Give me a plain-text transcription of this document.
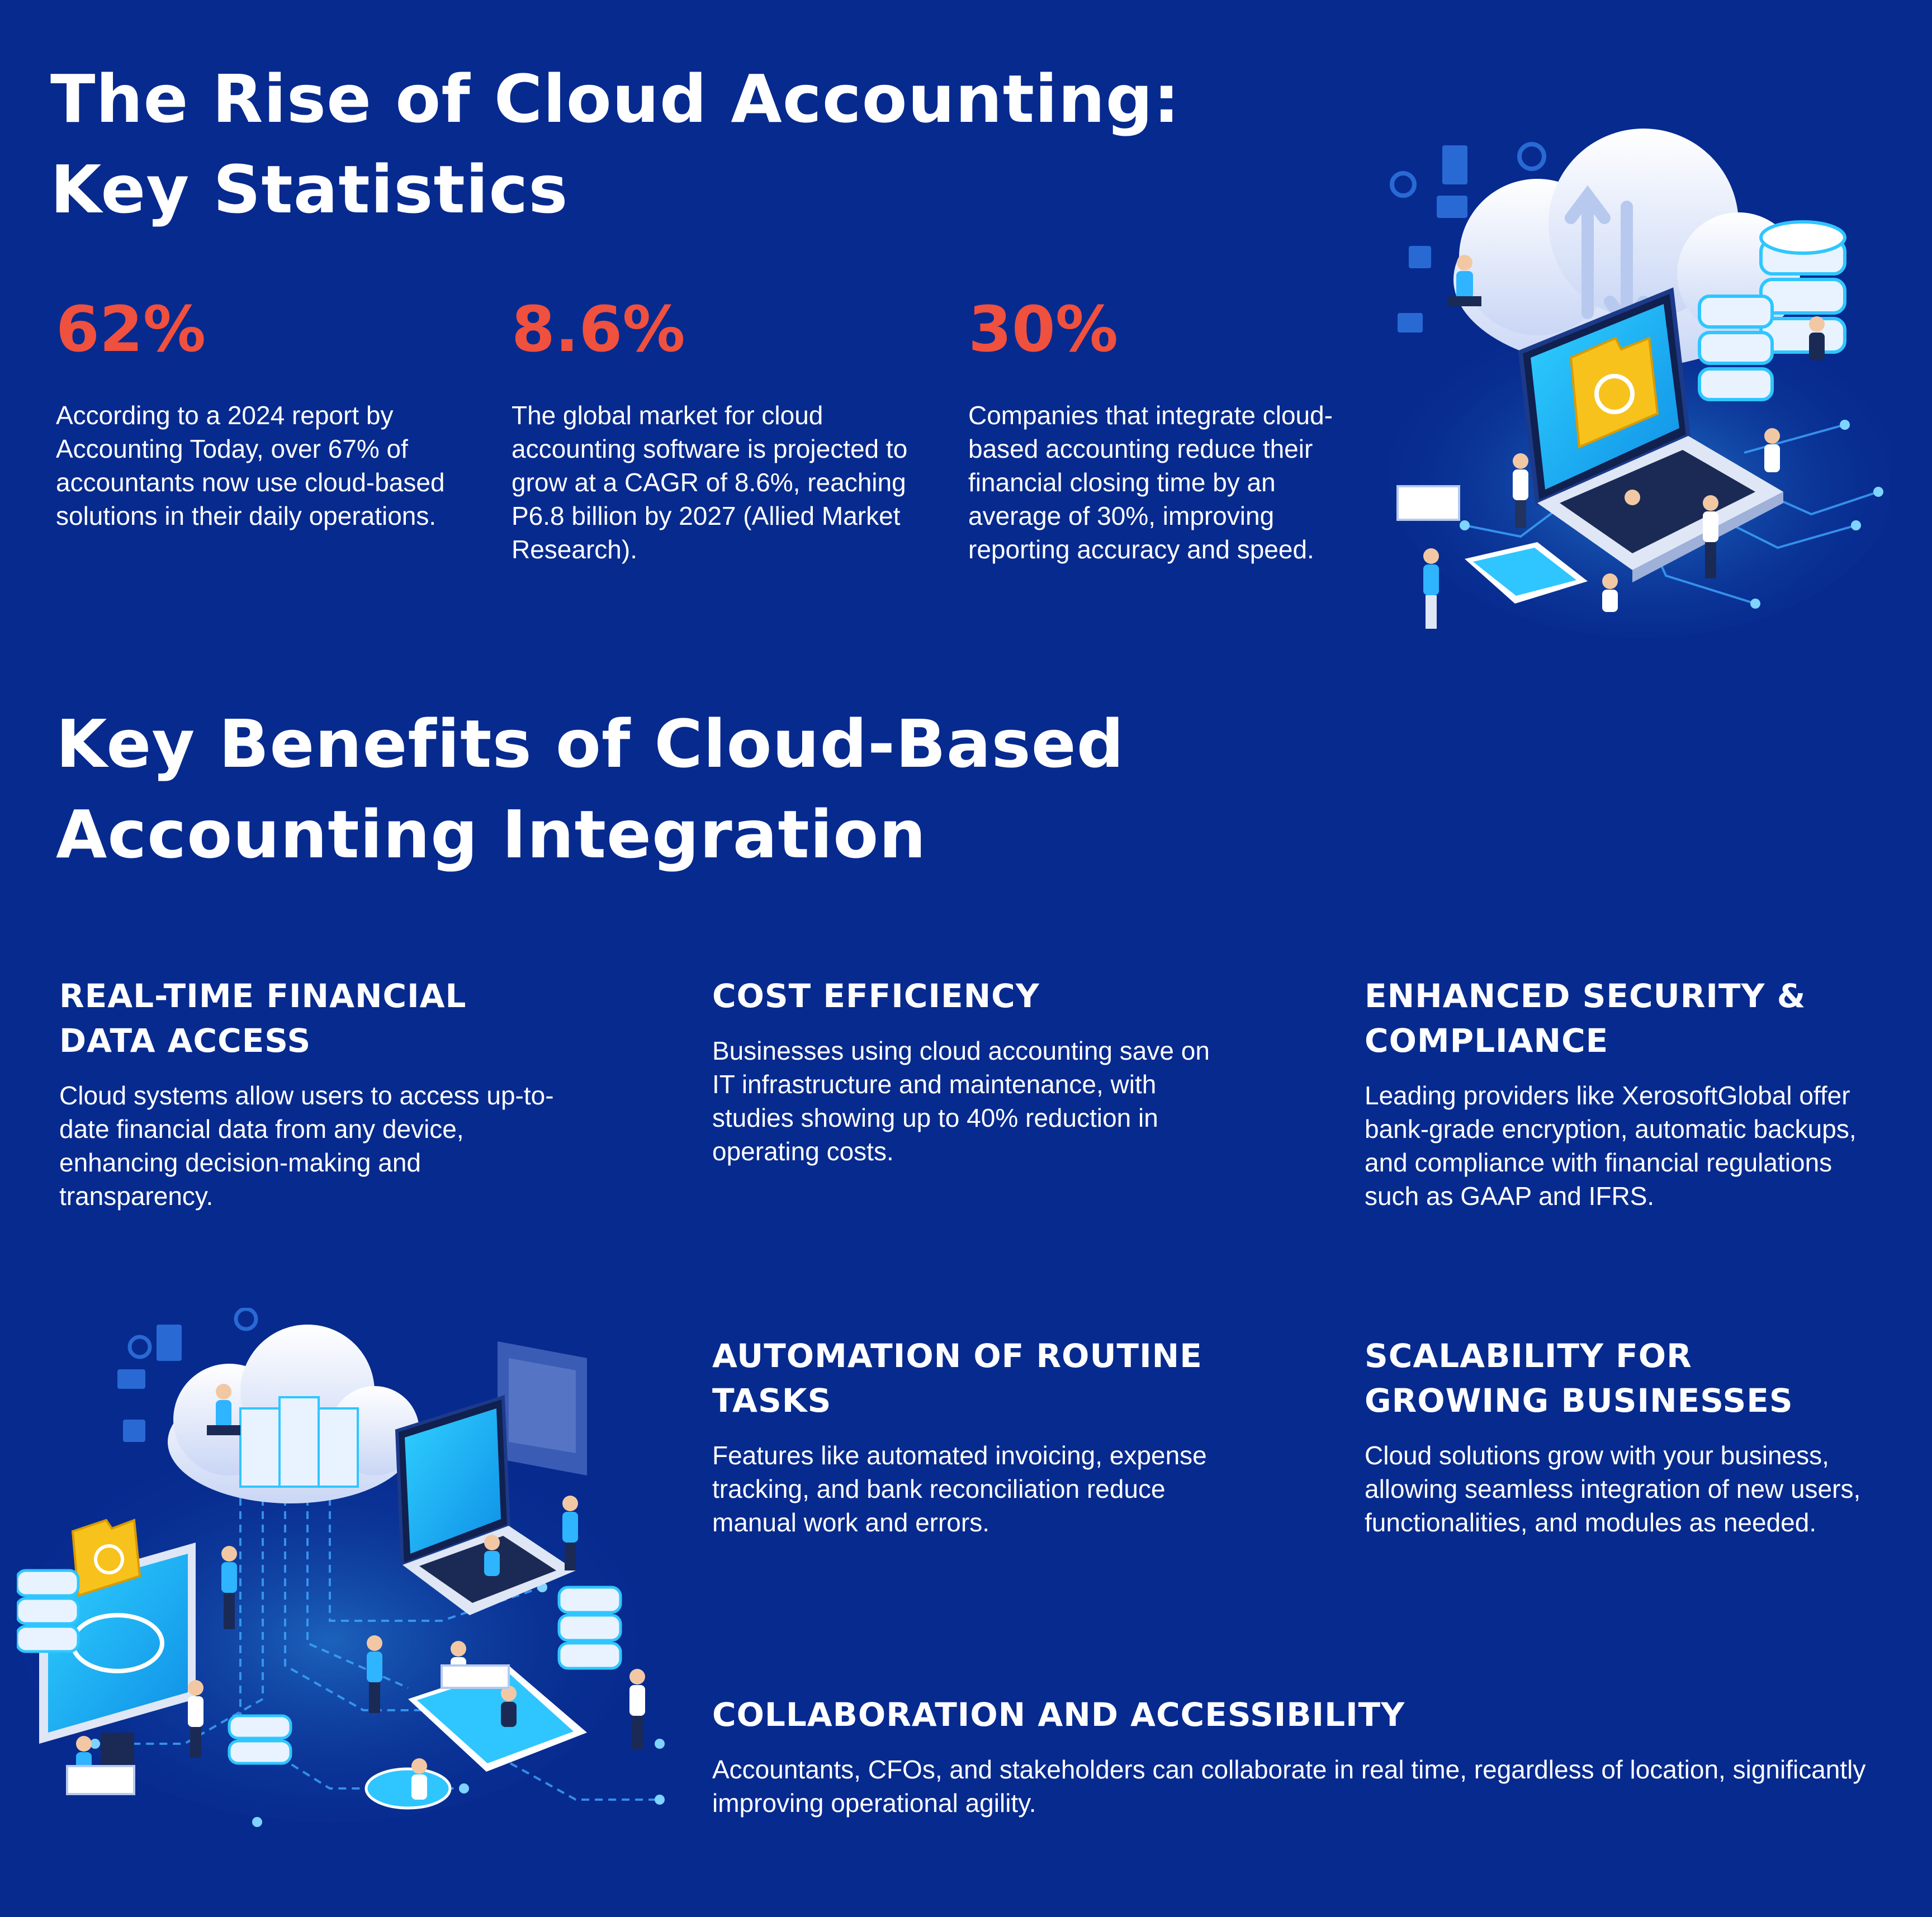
The Rise of Cloud Accounting:

Key Statistics

62%

According to a 2024 report by Accounting Today, over 67% of accountants now use cloud-based solutions in their daily operations.

8.6%

The global market for cloud accounting software is projected to grow at a CAGR of 8.6%, reaching P6.8 billion by 2027 (Allied Market Research).

30%

Companies that integrate cloud-based accounting reduce their financial closing time by an average of 30%, improving reporting accuracy and speed.

Key Benefits of Cloud-Based

Accounting Integration

REAL-TIME FINANCIAL

DATA ACCESS

Cloud systems allow users to access up-to-date financial data from any device, enhancing decision-making and transparency.

COST EFFICIENCY

Businesses using cloud accounting save on IT infrastructure and maintenance, with studies showing up to 40% reduction in operating costs.

ENHANCED SECURITY &

COMPLIANCE

Leading providers like XerosoftGlobal offer bank-grade encryption, automatic backups, and compliance with financial regulations such as GAAP and IFRS.

AUTOMATION OF ROUTINE

TASKS

Features like automated invoicing, expense tracking, and bank reconciliation reduce manual work and errors.

SCALABILITY FOR

GROWING BUSINESSES

Cloud solutions grow with your business, allowing seamless integration of new users, functionalities, and modules as needed.

COLLABORATION AND ACCESSIBILITY

Accountants, CFOs, and stakeholders can collaborate in real time, regardless of location, significantly improving operational agility.
